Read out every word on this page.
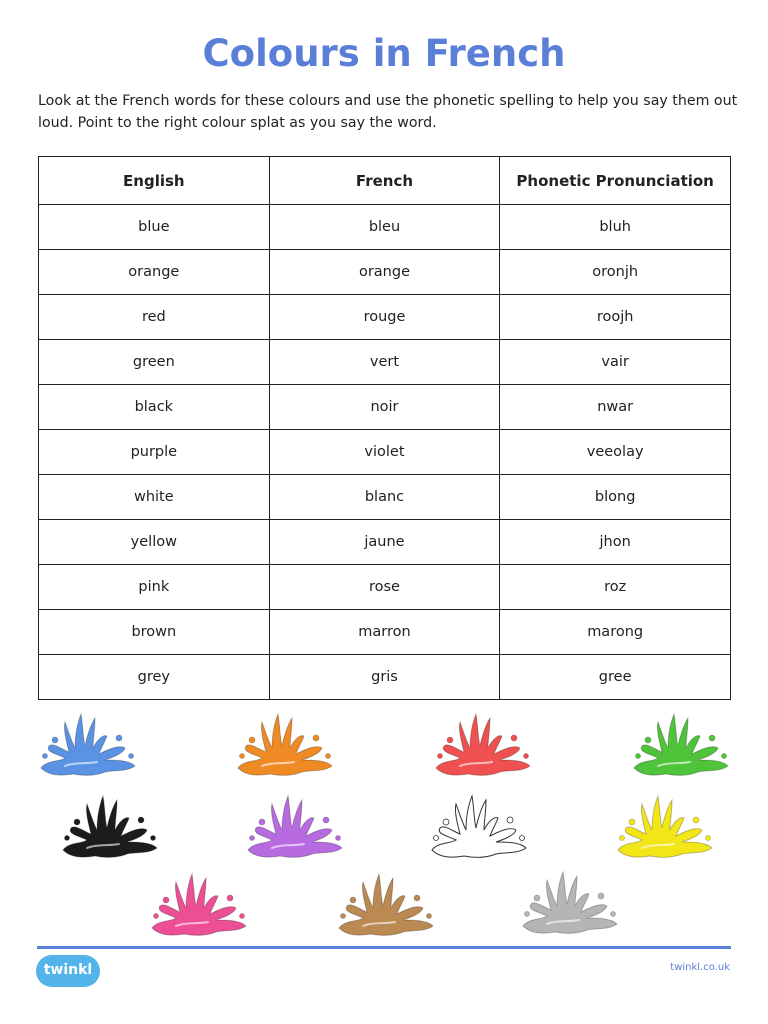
Colours in French

Look at the French words for these colours and use the phonetic spelling to help you say them out loud. Point to the right colour splat as you say the word.

English	French	Phonetic Pronunciation
blue	bleu	bluh
orange	orange	oronjh
red	rouge	roojh
green	vert	vair
black	noir	nwar
purple	violet	veeolay
white	blanc	blong
yellow	jaune	jhon
pink	rose	roz
brown	marron	marong
grey	gris	gree
twinkl	twinkl.co.uk
